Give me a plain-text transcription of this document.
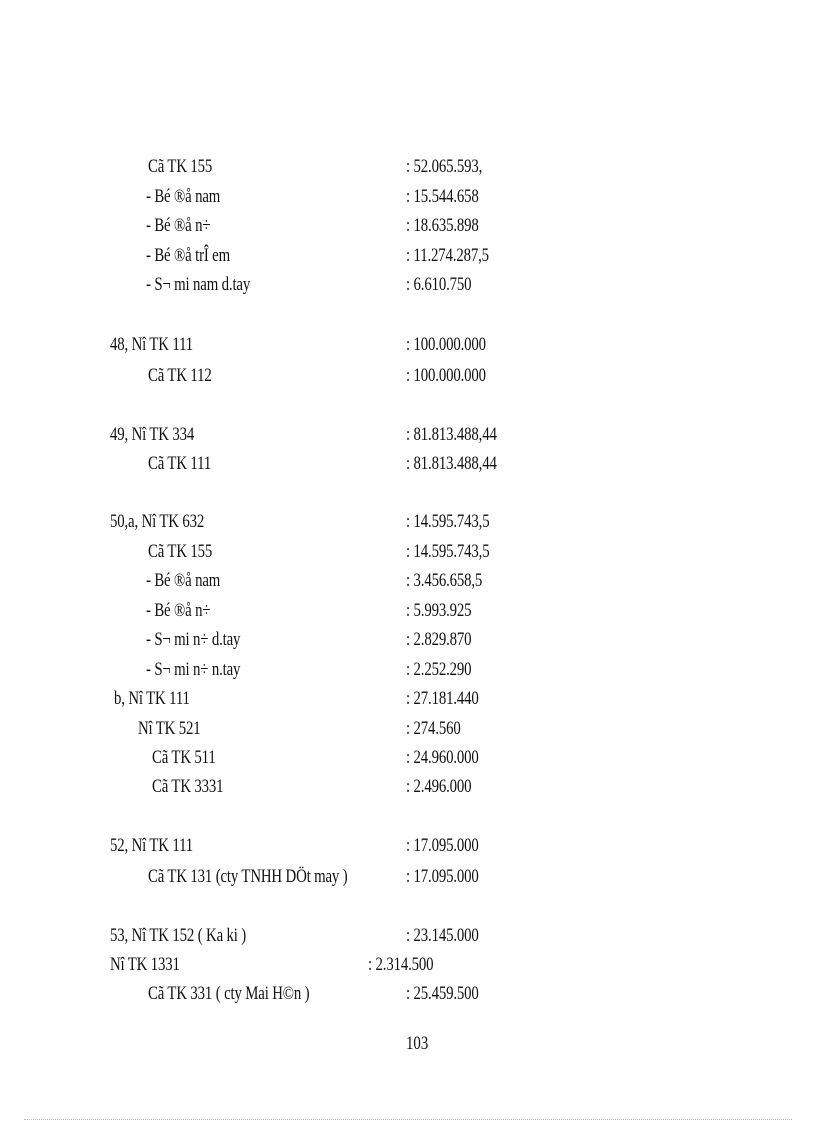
Cã TK 155	: 52.065.593,
- Bé ®å nam	: 15.544.658
- Bé ®å n÷	: 18.635.898
- Bé ®å trÎ em	: 11.274.287,5
- S¬ mi nam d.tay	: 6.610.750
48, Nî TK 111	: 100.000.000
Cã TK 112	: 100.000.000
49, Nî TK 334	: 81.813.488,44
Cã TK 111	: 81.813.488,44
50,a, Nî TK 632	: 14.595.743,5
Cã TK 155	: 14.595.743,5
- Bé ®å nam	: 3.456.658,5
- Bé ®å n÷	: 5.993.925
- S¬ mi n÷ d.tay	: 2.829.870
- S¬ mi n÷ n.tay	: 2.252.290
b, Nî TK 111	: 27.181.440
Nî TK 521	: 274.560
Cã TK 511	: 24.960.000
Cã TK 3331	: 2.496.000
52, Nî TK 111	: 17.095.000
Cã TK 131 (cty TNHH DÖt may )	: 17.095.000
53, Nî TK 152 ( Ka ki )	: 23.145.000
Nî TK 1331	: 2.314.500
Cã TK 331 ( cty Mai H©n )	: 25.459.500
103
